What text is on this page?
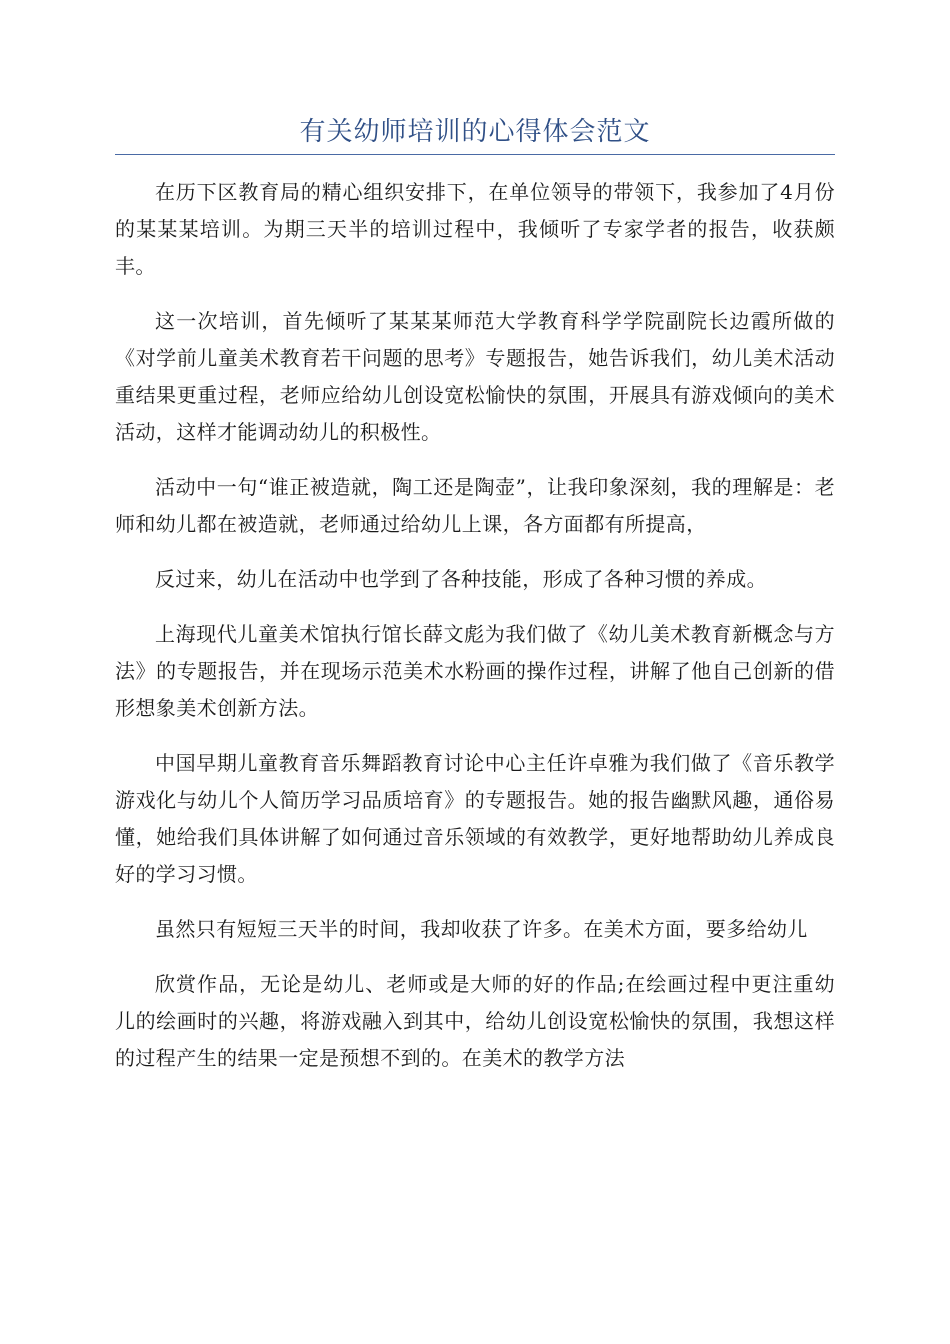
有关幼师培训的心得体会范文

在历下区教育局的精心组织安排下，在单位领导的带领下，我参加了4月份的某某某培训。为期三天半的培训过程中，我倾听了专家学者的报告，收获颇丰。

这一次培训，首先倾听了某某某师范大学教育科学学院副院长边霞所做的《对学前儿童美术教育若干问题的思考》专题报告，她告诉我们，幼儿美术活动重结果更重过程，老师应给幼儿创设宽松愉快的氛围，开展具有游戏倾向的美术活动，这样才能调动幼儿的积极性。

活动中一句“谁正被造就，陶工还是陶壶”，让我印象深刻，我的理解是：老师和幼儿都在被造就，老师通过给幼儿上课，各方面都有所提高，

反过来，幼儿在活动中也学到了各种技能，形成了各种习惯的养成。

上海现代儿童美术馆执行馆长薛文彪为我们做了《幼儿美术教育新概念与方法》的专题报告，并在现场示范美术水粉画的操作过程，讲解了他自己创新的借形想象美术创新方法。

中国早期儿童教育音乐舞蹈教育讨论中心主任许卓雅为我们做了《音乐教学游戏化与幼儿个人简历学习品质培育》的专题报告。她的报告幽默风趣，通俗易懂，她给我们具体讲解了如何通过音乐领域的有效教学，更好地帮助幼儿养成良好的学习习惯。

虽然只有短短三天半的时间，我却收获了许多。在美术方面，要多给幼儿

欣赏作品，无论是幼儿、老师或是大师的好的作品;在绘画过程中更注重幼儿的绘画时的兴趣，将游戏融入到其中，给幼儿创设宽松愉快的氛围，我想这样的过程产生的结果一定是预想不到的。在美术的教学方法
